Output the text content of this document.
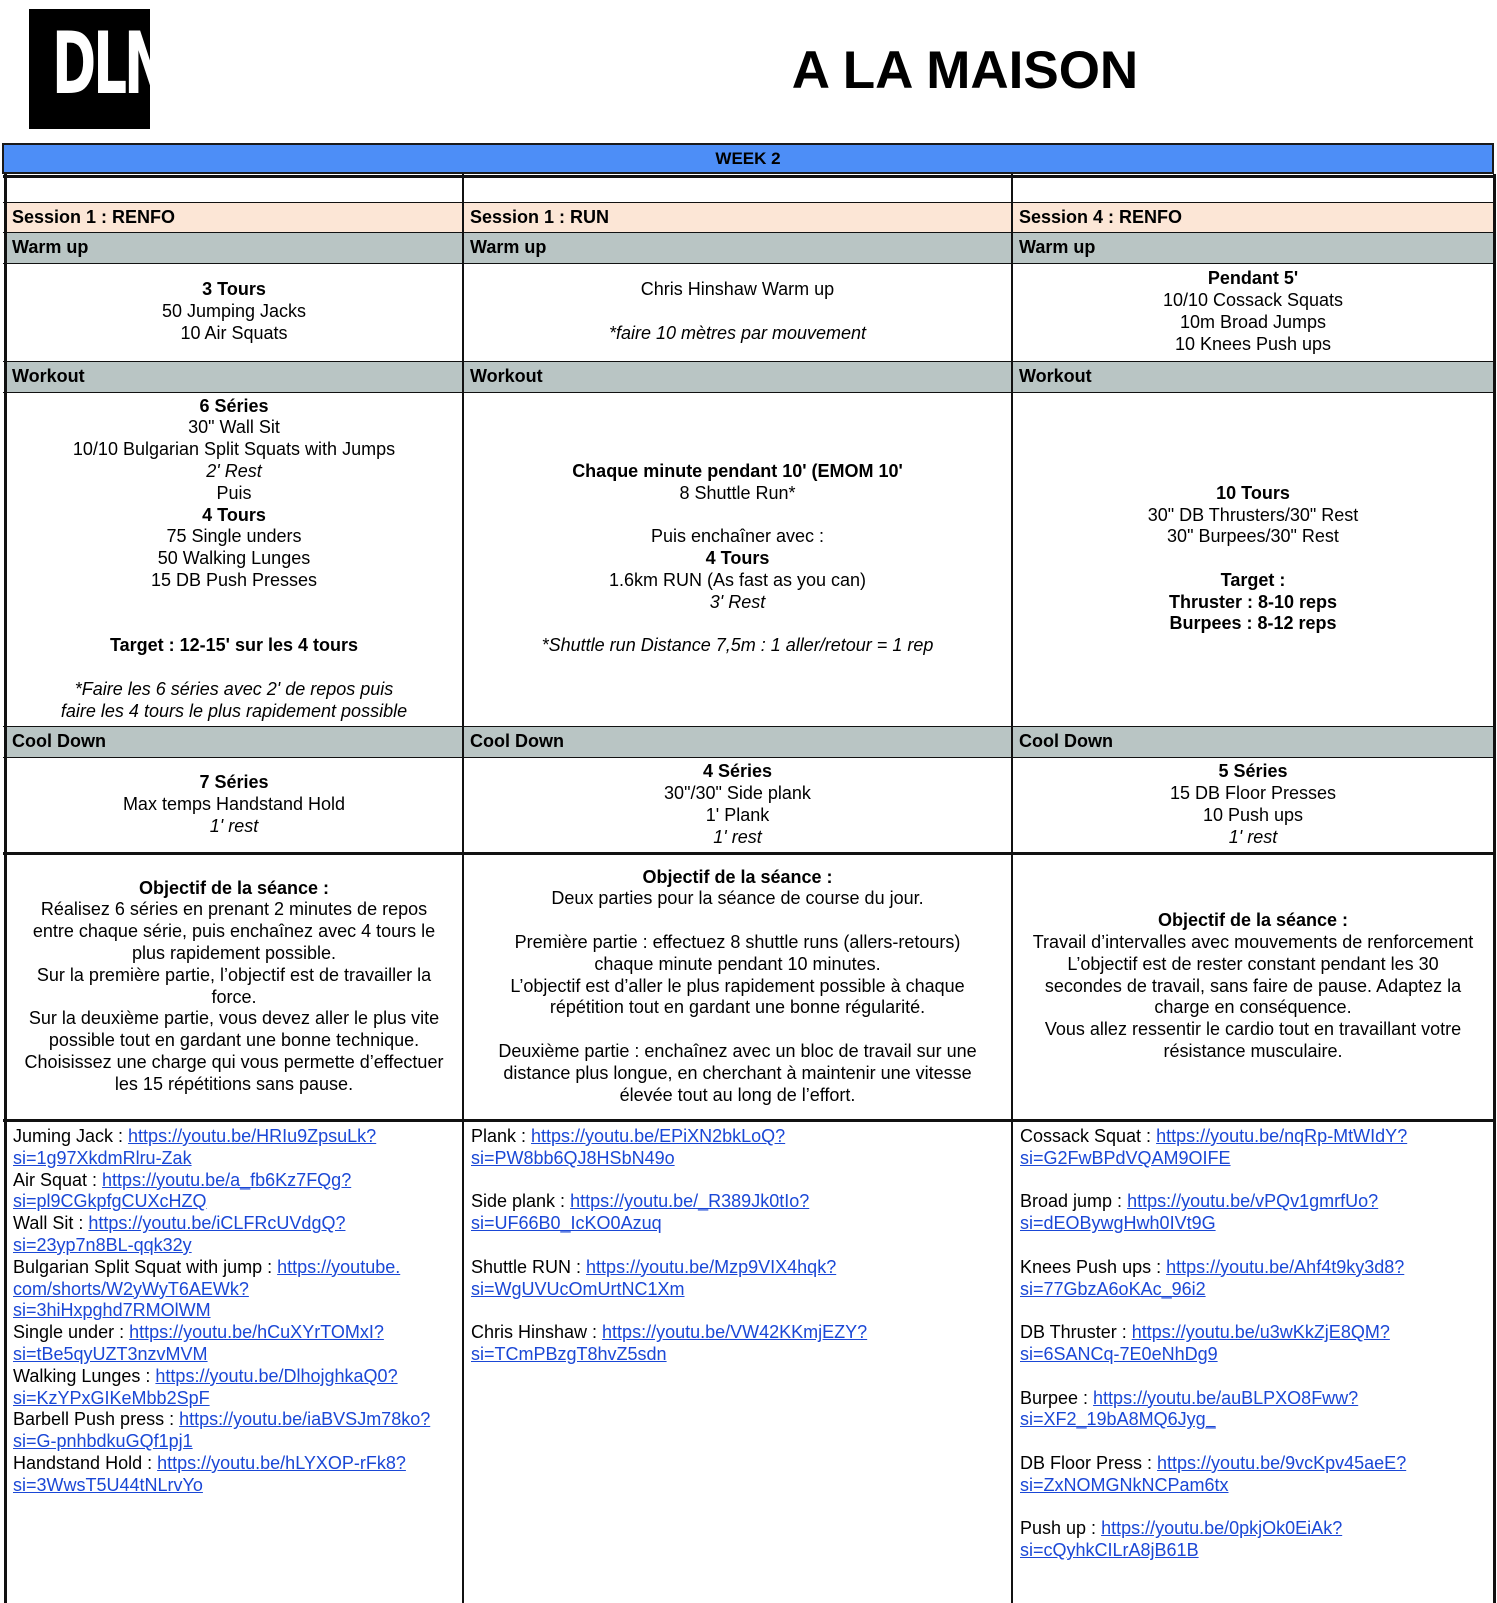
DLN	A LA MAISON
WEEK 2
Session 1 : RENFO
Warm up
Workout
Cool Down

3 Tours

50 Jumping Jacks

10 Air Squats

6 Séries

30" Wall Sit

10/10 Bulgarian Split Squats with Jumps

2' Rest

Puis

4 Tours

75 Single unders

50 Walking Lunges

15 DB Push Presses

Target : 12-15' sur les 4 tours

*Faire les 6 séries avec 2' de repos puis

faire les 4 tours le plus rapidement possible

7 Séries

Max temps Handstand Hold

1' rest

Objectif de la séance :

Réalisez 6 séries en prenant 2 minutes de repos

entre chaque série, puis enchaînez avec 4 tours le

plus rapidement possible.

Sur la première partie, l’objectif est de travailler la

force.

Sur la deuxième partie, vous devez aller le plus vite

possible tout en gardant une bonne technique.

Choisissez une charge qui vous permette d’effectuer

les 15 répétitions sans pause.

Juming Jack : https://youtu.be/HRIu9ZpsuLk?

si=1g97XkdmRlru-Zak

Air Squat : https://youtu.be/a_fb6Kz7FQg?

si=pl9CGkpfgCUXcHZQ

Wall Sit : https://youtu.be/iCLFRcUVdgQ?

si=23yp7n8BL-qqk32y

Bulgarian Split Squat with jump : https://youtube.

com/shorts/W2yWyT6AEWk?

si=3hiHxpghd7RMOlWM

Single under : https://youtu.be/hCuXYrTOMxI?

si=tBe5qyUZT3nzvMVM

Walking Lunges : https://youtu.be/DlhojghkaQ0?

si=KzYPxGIKeMbb2SpF

Barbell Push press : https://youtu.be/iaBVSJm78ko?

si=G-pnhbdkuGQf1pj1

Handstand Hold : https://youtu.be/hLYXOP-rFk8?

si=3WwsT5U44tNLrvYo

Session 1 : RUN
Warm up
Workout
Cool Down

Chris Hinshaw Warm up

*faire 10 mètres par mouvement

Chaque minute pendant 10' (EMOM 10'

8 Shuttle Run*

Puis enchaîner avec :

4 Tours

1.6km RUN (As fast as you can)

3' Rest

*Shuttle run Distance 7,5m : 1 aller/retour = 1 rep

4 Séries

30"/30" Side plank

1' Plank

1' rest

Objectif de la séance :

Deux parties pour la séance de course du jour.

Première partie : effectuez 8 shuttle runs (allers-retours)

chaque minute pendant 10 minutes.

L’objectif est d’aller le plus rapidement possible à chaque

répétition tout en gardant une bonne régularité.

Deuxième partie : enchaînez avec un bloc de travail sur une

distance plus longue, en cherchant à maintenir une vitesse

élevée tout au long de l’effort.

Plank : https://youtu.be/EPiXN2bkLoQ?

si=PW8bb6QJ8HSbN49o

Side plank : https://youtu.be/_R389Jk0tIo?

si=UF66B0_IcKO0Azuq

Shuttle RUN : https://youtu.be/Mzp9VIX4hqk?

si=WgUVUcOmUrtNC1Xm

Chris Hinshaw : https://youtu.be/VW42KKmjEZY?

si=TCmPBzgT8hvZ5sdn

Session 4 : RENFO
Warm up
Workout
Cool Down

Pendant 5'

10/10 Cossack Squats

10m Broad Jumps

10 Knees Push ups

10 Tours

30" DB Thrusters/30" Rest

30" Burpees/30" Rest

Target :

Thruster : 8-10 reps

Burpees : 8-12 reps

5 Séries

15 DB Floor Presses

10 Push ups

1' rest

Objectif de la séance :

Travail d’intervalles avec mouvements de renforcement

L’objectif est de rester constant pendant les 30

secondes de travail, sans faire de pause. Adaptez la

charge en conséquence.

Vous allez ressentir le cardio tout en travaillant votre

résistance musculaire.

Cossack Squat : https://youtu.be/nqRp-MtWIdY?

si=G2FwBPdVQAM9OIFE

Broad jump : https://youtu.be/vPQv1gmrfUo?

si=dEOBywgHwh0IVt9G

Knees Push ups : https://youtu.be/Ahf4t9ky3d8?

si=77GbzA6oKAc_96i2

DB Thruster : https://youtu.be/u3wKkZjE8QM?

si=6SANCq-7E0eNhDg9

Burpee : https://youtu.be/auBLPXO8Fww?

si=XF2_19bA8MQ6Jyg_

DB Floor Press : https://youtu.be/9vcKpv45aeE?

si=ZxNOMGNkNCPam6tx

Push up : https://youtu.be/0pkjOk0EiAk?

si=cQyhkCILrA8jB61B
